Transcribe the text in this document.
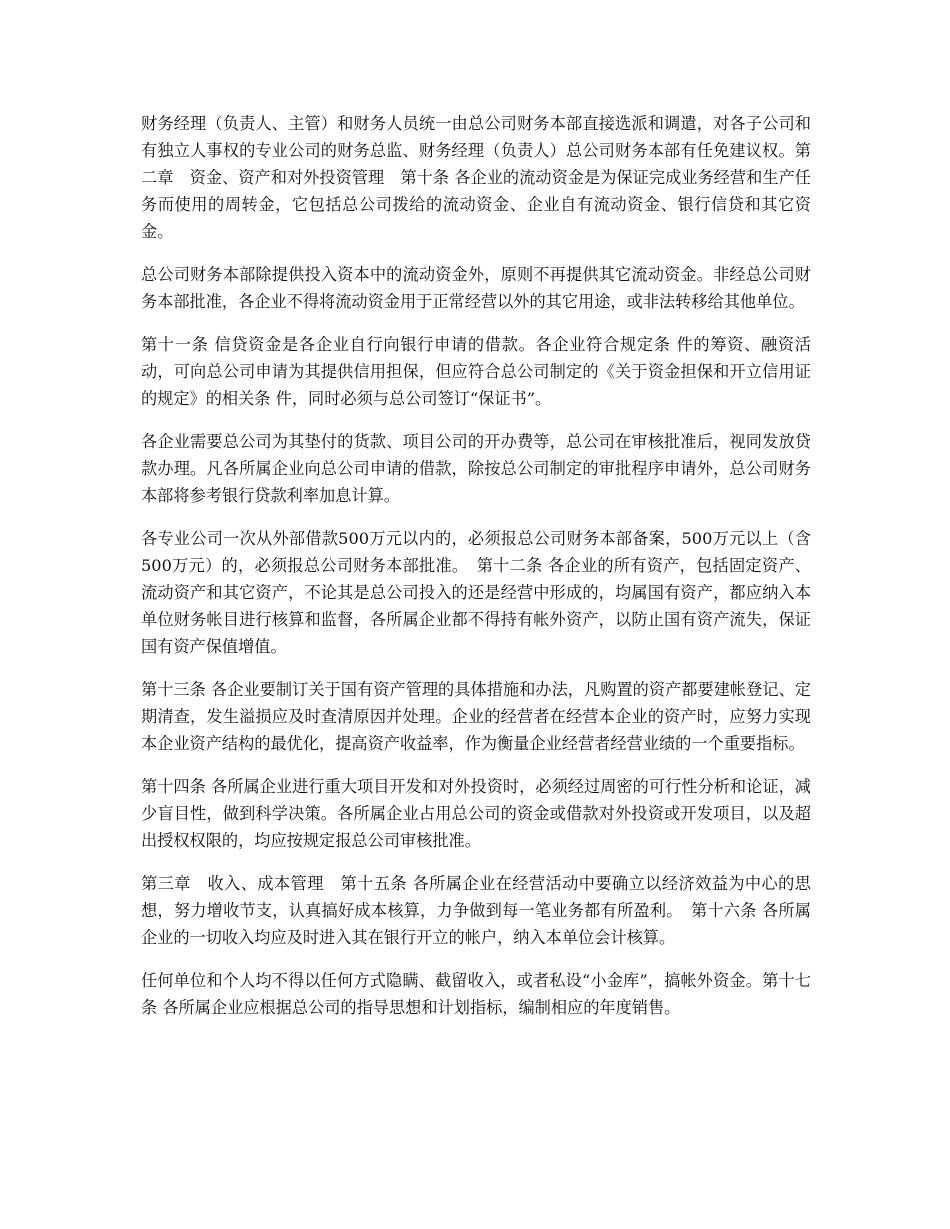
财务经理（负责人、主管）和财务人员统一由总公司财务本部直接选派和调遣，对各子公司和有独立人事权的专业公司的财务总监、财务经理（负责人）总公司财务本部有任免建议权。第二章　资金、资产和对外投资管理　第十条 各企业的流动资金是为保证完成业务经营和生产任务而使用的周转金，它包括总公司拨给的流动资金、企业自有流动资金、银行信贷和其它资金。

总公司财务本部除提供投入资本中的流动资金外，原则不再提供其它流动资金。非经总公司财务本部批准，各企业不得将流动资金用于正常经营以外的其它用途，或非法转移给其他单位。

第十一条 信贷资金是各企业自行向银行申请的借款。各企业符合规定条 件的筹资、融资活动，可向总公司申请为其提供信用担保，但应符合总公司制定的《关于资金担保和开立信用证的规定》的相关条 件，同时必须与总公司签订“保证书”。

各企业需要总公司为其垫付的货款、项目公司的开办费等，总公司在审核批准后，视同发放贷款办理。凡各所属企业向总公司申请的借款，除按总公司制定的审批程序申请外，总公司财务本部将参考银行贷款利率加息计算。

各专业公司一次从外部借款500万元以内的，必须报总公司财务本部备案，500万元以上（含500万元）的，必须报总公司财务本部批准。　第十二条 各企业的所有资产，包括固定资产、流动资产和其它资产，不论其是总公司投入的还是经营中形成的，均属国有资产，都应纳入本单位财务帐目进行核算和监督，各所属企业都不得持有帐外资产，以防止国有资产流失，保证国有资产保值增值。

第十三条 各企业要制订关于国有资产管理的具体措施和办法，凡购置的资产都要建帐登记、定期清查，发生溢损应及时查清原因并处理。企业的经营者在经营本企业的资产时，应努力实现本企业资产结构的最优化，提高资产收益率，作为衡量企业经营者经营业绩的一个重要指标。

第十四条 各所属企业进行重大项目开发和对外投资时，必须经过周密的可行性分析和论证，减少盲目性，做到科学决策。各所属企业占用总公司的资金或借款对外投资或开发项目，以及超出授权权限的，均应按规定报总公司审核批准。

第三章　收入、成本管理　第十五条 各所属企业在经营活动中要确立以经济效益为中心的思想，努力增收节支，认真搞好成本核算，力争做到每一笔业务都有所盈利。　第十六条 各所属企业的一切收入均应及时进入其在银行开立的帐户，纳入本单位会计核算。

任何单位和个人均不得以任何方式隐瞒、截留收入，或者私设“小金库”，搞帐外资金。第十七条 各所属企业应根据总公司的指导思想和计划指标，编制相应的年度销售。
